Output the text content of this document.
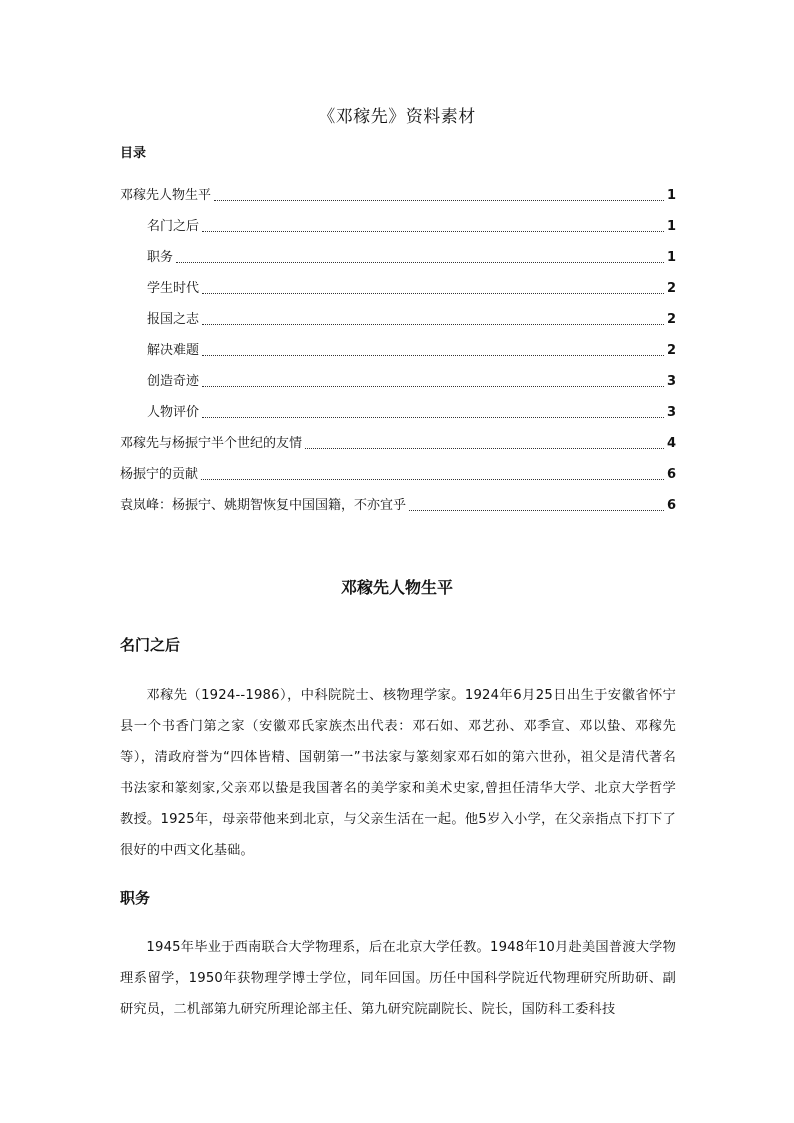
《邓稼先》资料素材
目录
邓稼先人物生平	1
名门之后	1
职务	1
学生时代	2
报国之志	2
解决难题	2
创造奇迹	3
人物评价	3
邓稼先与杨振宁半个世纪的友情	4
杨振宁的贡献	6
袁岚峰：杨振宁、姚期智恢复中国国籍，不亦宜乎	6
邓稼先人物生平
名门之后
邓稼先（1924--1986），中科院院士、核物理学家。1924年6月25日出生于安徽省怀宁县一个书香门第之家（安徽邓氏家族杰出代表：邓石如、邓艺孙、邓季宣、邓以蛰、邓稼先等），清政府誉为“四体皆精、国朝第一”书法家与篆刻家邓石如的第六世孙，祖父是清代著名书法家和篆刻家,父亲邓以蛰是我国著名的美学家和美术史家,曾担任清华大学、北京大学哲学教授。1925年，母亲带他来到北京，与父亲生活在一起。他5岁入小学，在父亲指点下打下了很好的中西文化基础。
职务
1945年毕业于西南联合大学物理系，后在北京大学任教。1948年10月赴美国普渡大学物理系留学，1950年获物理学博士学位，同年回国。历任中国科学院近代物理研究所助研、副研究员，二机部第九研究所理论部主任、第九研究院副院长、院长，国防科工委科技
